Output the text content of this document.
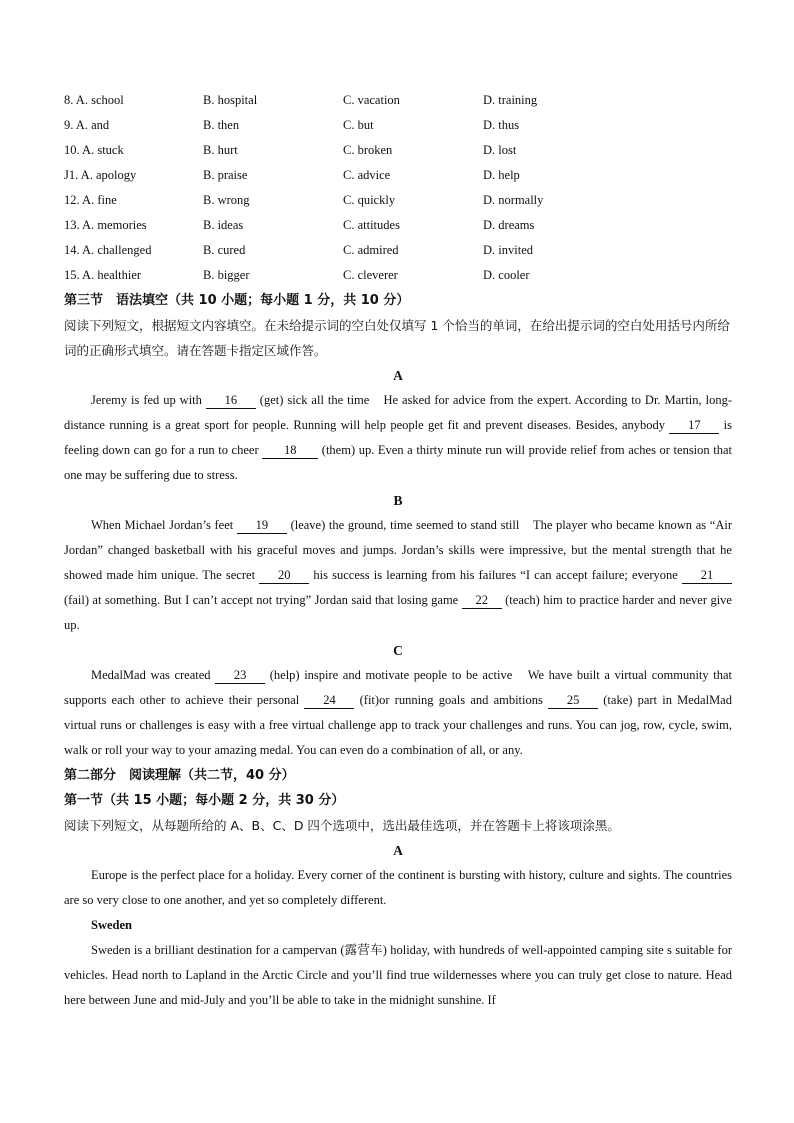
8. A. school	B. hospital	C. vacation	D. training
9. A. and	B. then	C. but	D. thus
10. A. stuck	B. hurt	C. broken	D. lost
J1. A. apology	B. praise	C. advice	D. help
12. A. fine	B. wrong	C. quickly	D. normally
13. A. memories	B. ideas	C. attitudes	D. dreams
14. A. challenged	B. cured	C. admired	D. invited
15. A. healthier	B. bigger	C. cleverer	D. cooler
第三节　语法填空（共 10 小题；每小题 1 分，共 10 分）
阅读下列短文，根据短文内容填空。在未给提示词的空白处仅填写 1 个恰当的单词，在给出提示词的空白处用括号内所给词的正确形式填空。请在答题卡指定区域作答。
A
Jeremy is fed up with 16 (get) sick all the time　He asked for advice from the expert. According to Dr. Martin, long-distance running is a great sport for people. Running will help people get fit and prevent diseases. Besides, anybody 17 is feeling down can go for a run to cheer 18 (them) up. Even a thirty minute run will provide relief from aches or tension that one may be suffering due to stress.
B
When Michael Jordan’s feet 19 (leave) the ground, time seemed to stand still　The player who became known as “Air Jordan” changed basketball with his graceful moves and jumps. Jordan’s skills were impressive, but the mental strength that he showed made him unique. The secret 20 his success is learning from his failures “I can accept failure; everyone 21 (fail) at something. But I can’t accept not trying” Jordan said that losing game 22 (teach) him to practice harder and never give up.
C
MedalMad was created 23 (help) inspire and motivate people to be active　We have built a virtual community that supports each other to achieve their personal 24 (fit)or running goals and ambitions 25 (take) part in MedalMad virtual runs or challenges is easy with a free virtual challenge app to track your challenges and runs. You can jog, row, cycle, swim, walk or roll your way to your amazing medal. You can even do a combination of all, or any.
第二部分　阅读理解（共二节，40 分）
第一节（共 15 小题；每小题 2 分，共 30 分）
阅读下列短文，从每题所给的 A、B、C、D 四个选项中，选出最佳选项，并在答题卡上将该项涂黑。
A
Europe is the perfect place for a holiday. Every corner of the continent is bursting with history, culture and sights. The countries are so very close to one another, and yet so completely different.
Sweden
Sweden is a brilliant destination for a campervan (露营车) holiday, with hundreds of well-appointed camping site s suitable for vehicles. Head north to Lapland in the Arctic Circle and you’ll find true wildernesses where you can truly get close to nature. Head here between June and mid-July and you’ll be able to take in the midnight sunshine. If
